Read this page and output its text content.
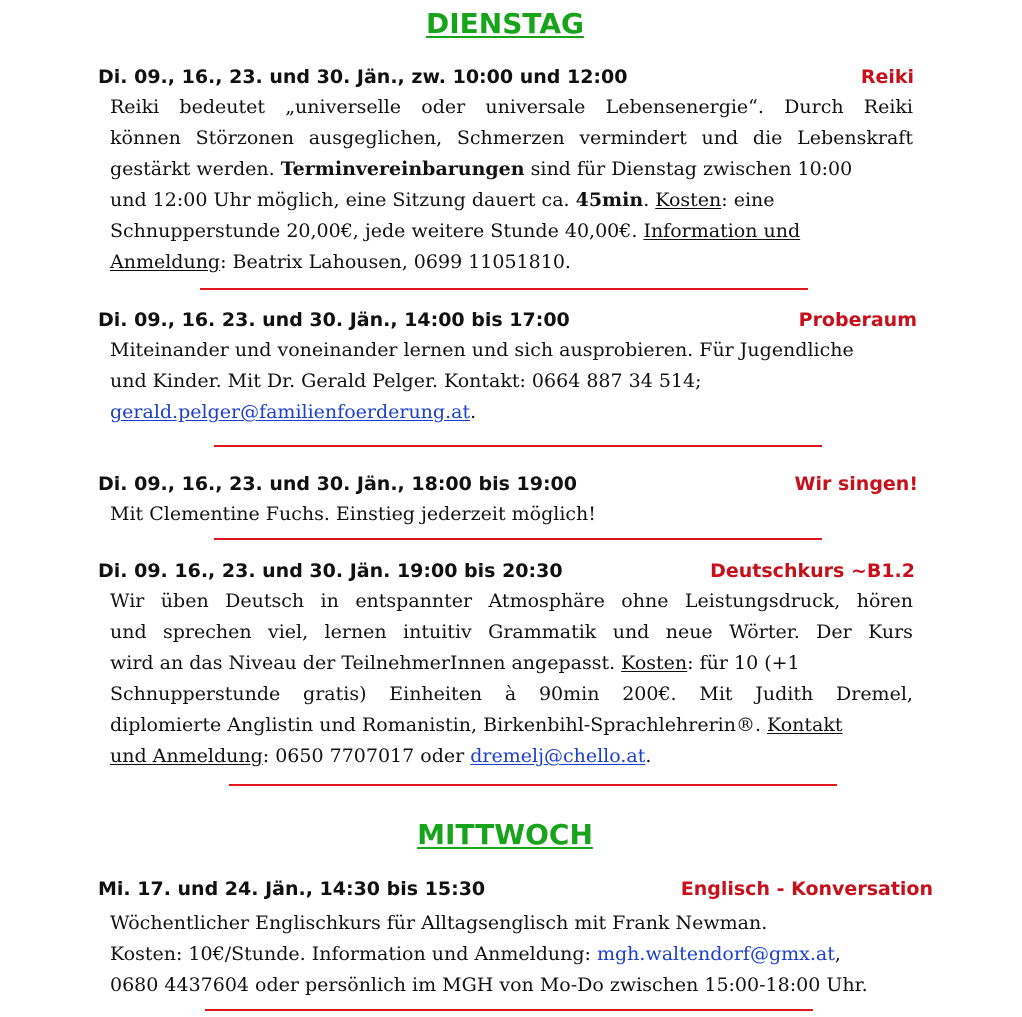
DIENSTAG
Di. 09., 16., 23. und 30. Jän., zw. 10:00 und 12:00	Reiki
Reiki bedeutet „universelle oder universale Lebensenergie“. Durch Reiki
können Störzonen ausgeglichen, Schmerzen vermindert und die Lebenskraft
gestärkt werden. Terminvereinbarungen sind für Dienstag zwischen 10:00
und 12:00 Uhr möglich, eine Sitzung dauert ca. 45min. Kosten: eine
Schnupperstunde 20,00€, jede weitere Stunde 40,00€. Information und
Anmeldung: Beatrix Lahousen, 0699 11051810.
Di. 09., 16. 23. und 30. Jän., 14:00 bis 17:00	Proberaum
Miteinander und voneinander lernen und sich ausprobieren. Für Jugendliche
und Kinder. Mit Dr. Gerald Pelger. Kontakt: 0664 887 34 514;
gerald.pelger@familienfoerderung.at.
Di. 09., 16., 23. und 30. Jän., 18:00 bis 19:00	Wir singen!
Mit Clementine Fuchs. Einstieg jederzeit möglich!
Di. 09. 16., 23. und 30. Jän. 19:00 bis 20:30	Deutschkurs ~B1.2
Wir üben Deutsch in entspannter Atmosphäre ohne Leistungsdruck, hören
und sprechen viel, lernen intuitiv Grammatik und neue Wörter. Der Kurs
wird an das Niveau der TeilnehmerInnen angepasst. Kosten: für 10 (+1
Schnupperstunde gratis) Einheiten à 90min 200€. Mit Judith Dremel,
diplomierte Anglistin und Romanistin, Birkenbihl-Sprachlehrerin®. Kontakt
und Anmeldung: 0650 7707017 oder dremelj@chello.at.
MITTWOCH
Mi. 17. und 24. Jän., 14:30 bis 15:30	Englisch - Konversation
Wöchentlicher Englischkurs für Alltagsenglisch mit Frank Newman.
Kosten: 10€/Stunde. Information und Anmeldung: mgh.waltendorf@gmx.at,
0680 4437604 oder persönlich im MGH von Mo-Do zwischen 15:00-18:00 Uhr.
